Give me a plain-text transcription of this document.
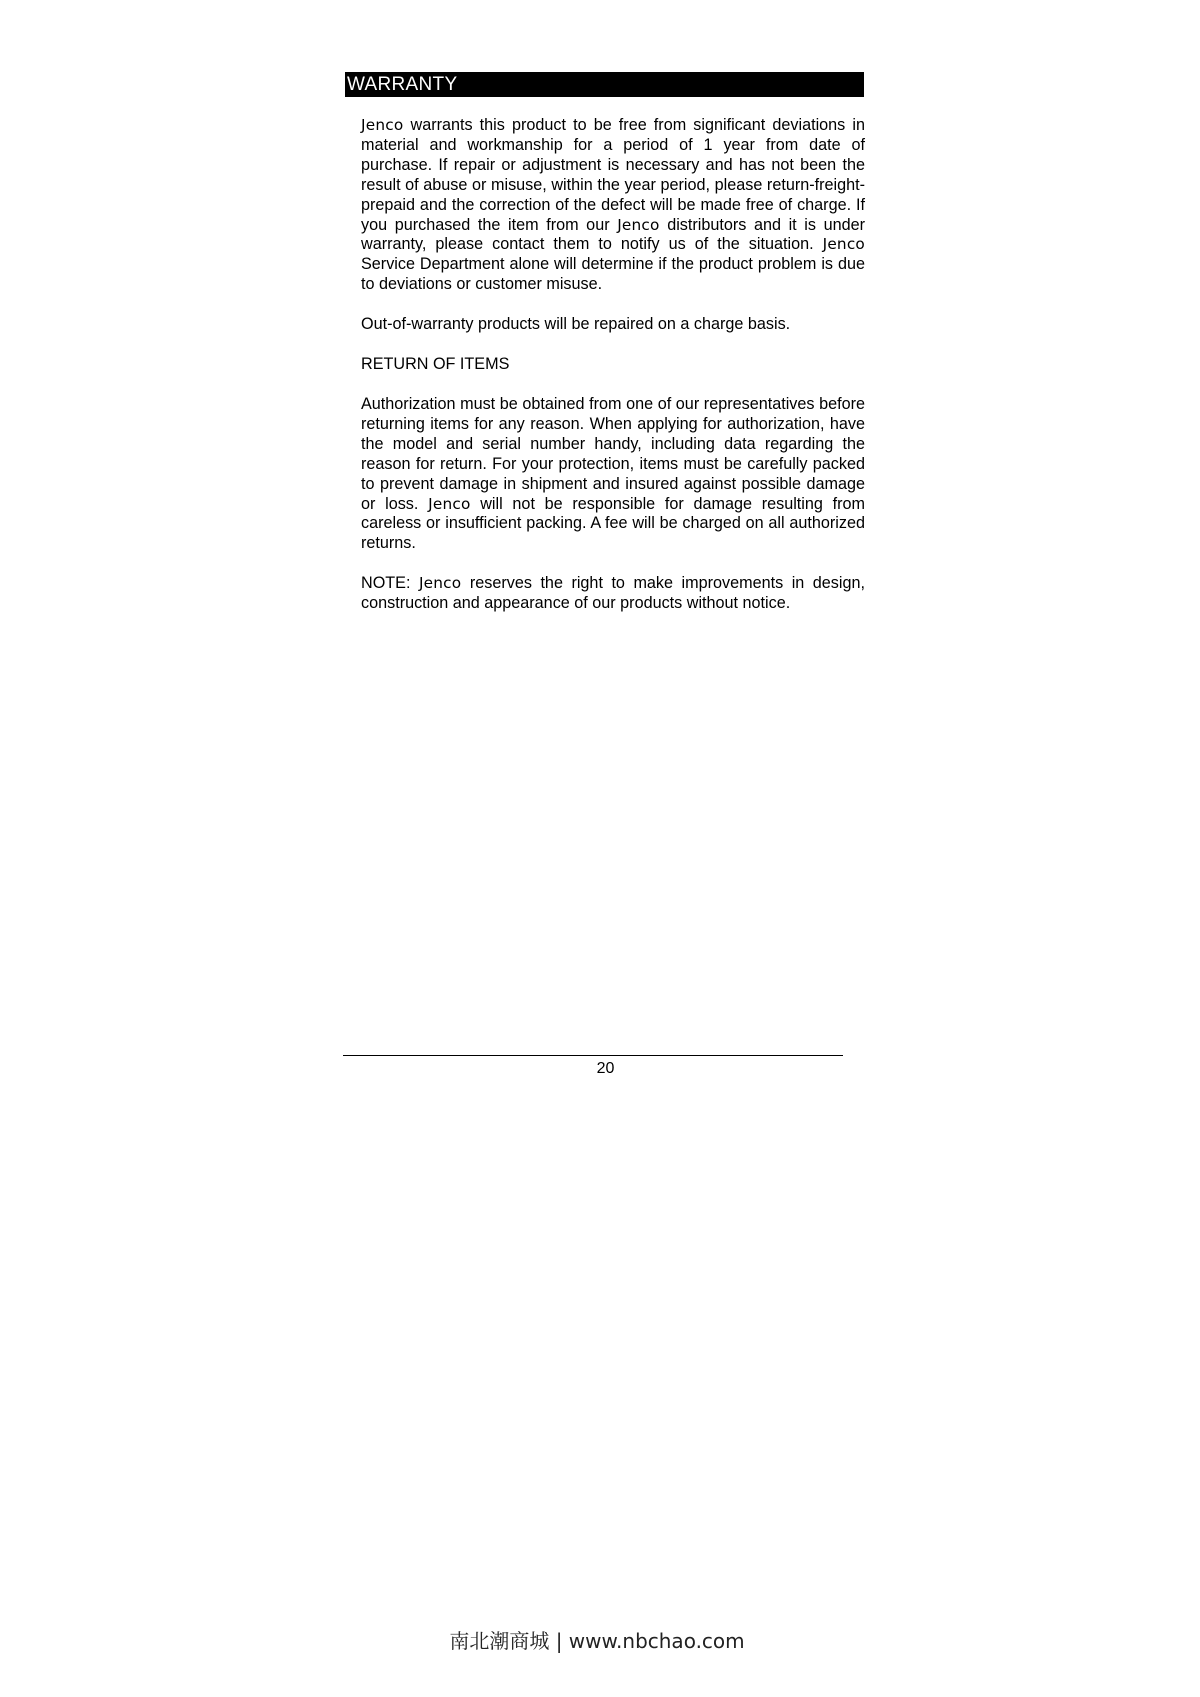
WARRANTY

Jenco warrants this product to be free from significant deviations in material and workmanship for a period of 1 year from date of purchase. If repair or adjustment is necessary and has not been the result of abuse or misuse, within the year period, please return-freight-prepaid and the correction of the defect will be made free of charge. If you purchased the item from our Jenco distributors and it is under warranty, please contact them to notify us of the situation. Jenco Service Department alone will determine if the product problem is due to deviations or customer misuse.

Out-of-warranty products will be repaired on a charge basis.

RETURN OF ITEMS

Authorization must be obtained from one of our representatives before returning items for any reason. When applying for authorization, have the model and serial number handy, including data regarding the reason for return. For your protection, items must be carefully packed to prevent damage in shipment and insured against possible damage or loss. Jenco will not be responsible for damage resulting from careless or insufficient packing. A fee will be charged on all authorized returns.

NOTE: Jenco reserves the right to make improvements in design, construction and appearance of our products without notice.

20
南北潮商城 | www.nbchao.com
